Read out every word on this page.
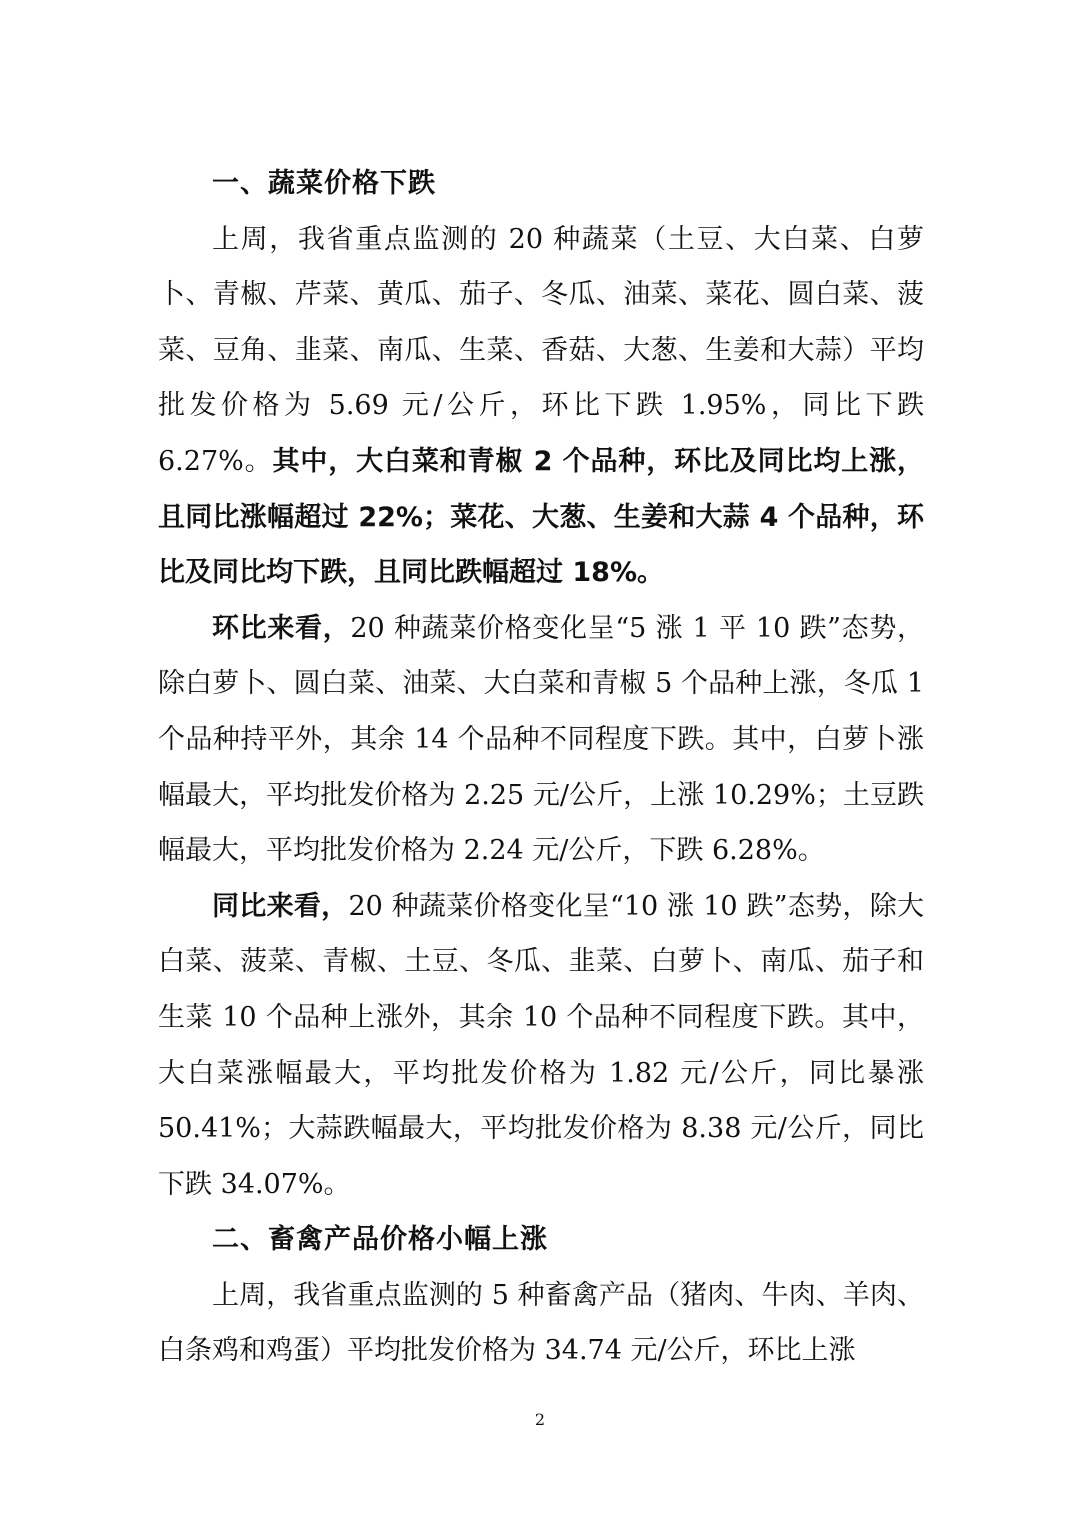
一、蔬菜价格下跌

上周，我省重点监测的 20 种蔬菜（土豆、大白菜、白萝卜、青椒、芹菜、黄瓜、茄子、冬瓜、油菜、菜花、圆白菜、菠菜、豆角、韭菜、南瓜、生菜、香菇、大葱、生姜和大蒜）平均批发价格为 5.69 元/公斤，环比下跌 1.95%，同比下跌 6.27%。其中，大白菜和青椒 2 个品种，环比及同比均上涨，且同比涨幅超过 22%；菜花、大葱、生姜和大蒜 4 个品种，环比及同比均下跌，且同比跌幅超过 18%。

环比来看，20 种蔬菜价格变化呈“5 涨 1 平 10 跌”态势，除白萝卜、圆白菜、油菜、大白菜和青椒 5 个品种上涨，冬瓜 1 个品种持平外，其余 14 个品种不同程度下跌。其中，白萝卜涨幅最大，平均批发价格为 2.25 元/公斤，上涨 10.29%；土豆跌幅最大，平均批发价格为 2.24 元/公斤，下跌 6.28%。

同比来看，20 种蔬菜价格变化呈“10 涨 10 跌”态势，除大白菜、菠菜、青椒、土豆、冬瓜、韭菜、白萝卜、南瓜、茄子和生菜 10 个品种上涨外，其余 10 个品种不同程度下跌。其中，大白菜涨幅最大，平均批发价格为 1.82 元/公斤，同比暴涨 50.41%；大蒜跌幅最大，平均批发价格为 8.38 元/公斤，同比下跌 34.07%。

二、畜禽产品价格小幅上涨

上周，我省重点监测的 5 种畜禽产品（猪肉、牛肉、羊肉、白条鸡和鸡蛋）平均批发价格为 34.74 元/公斤，环比上涨

2
